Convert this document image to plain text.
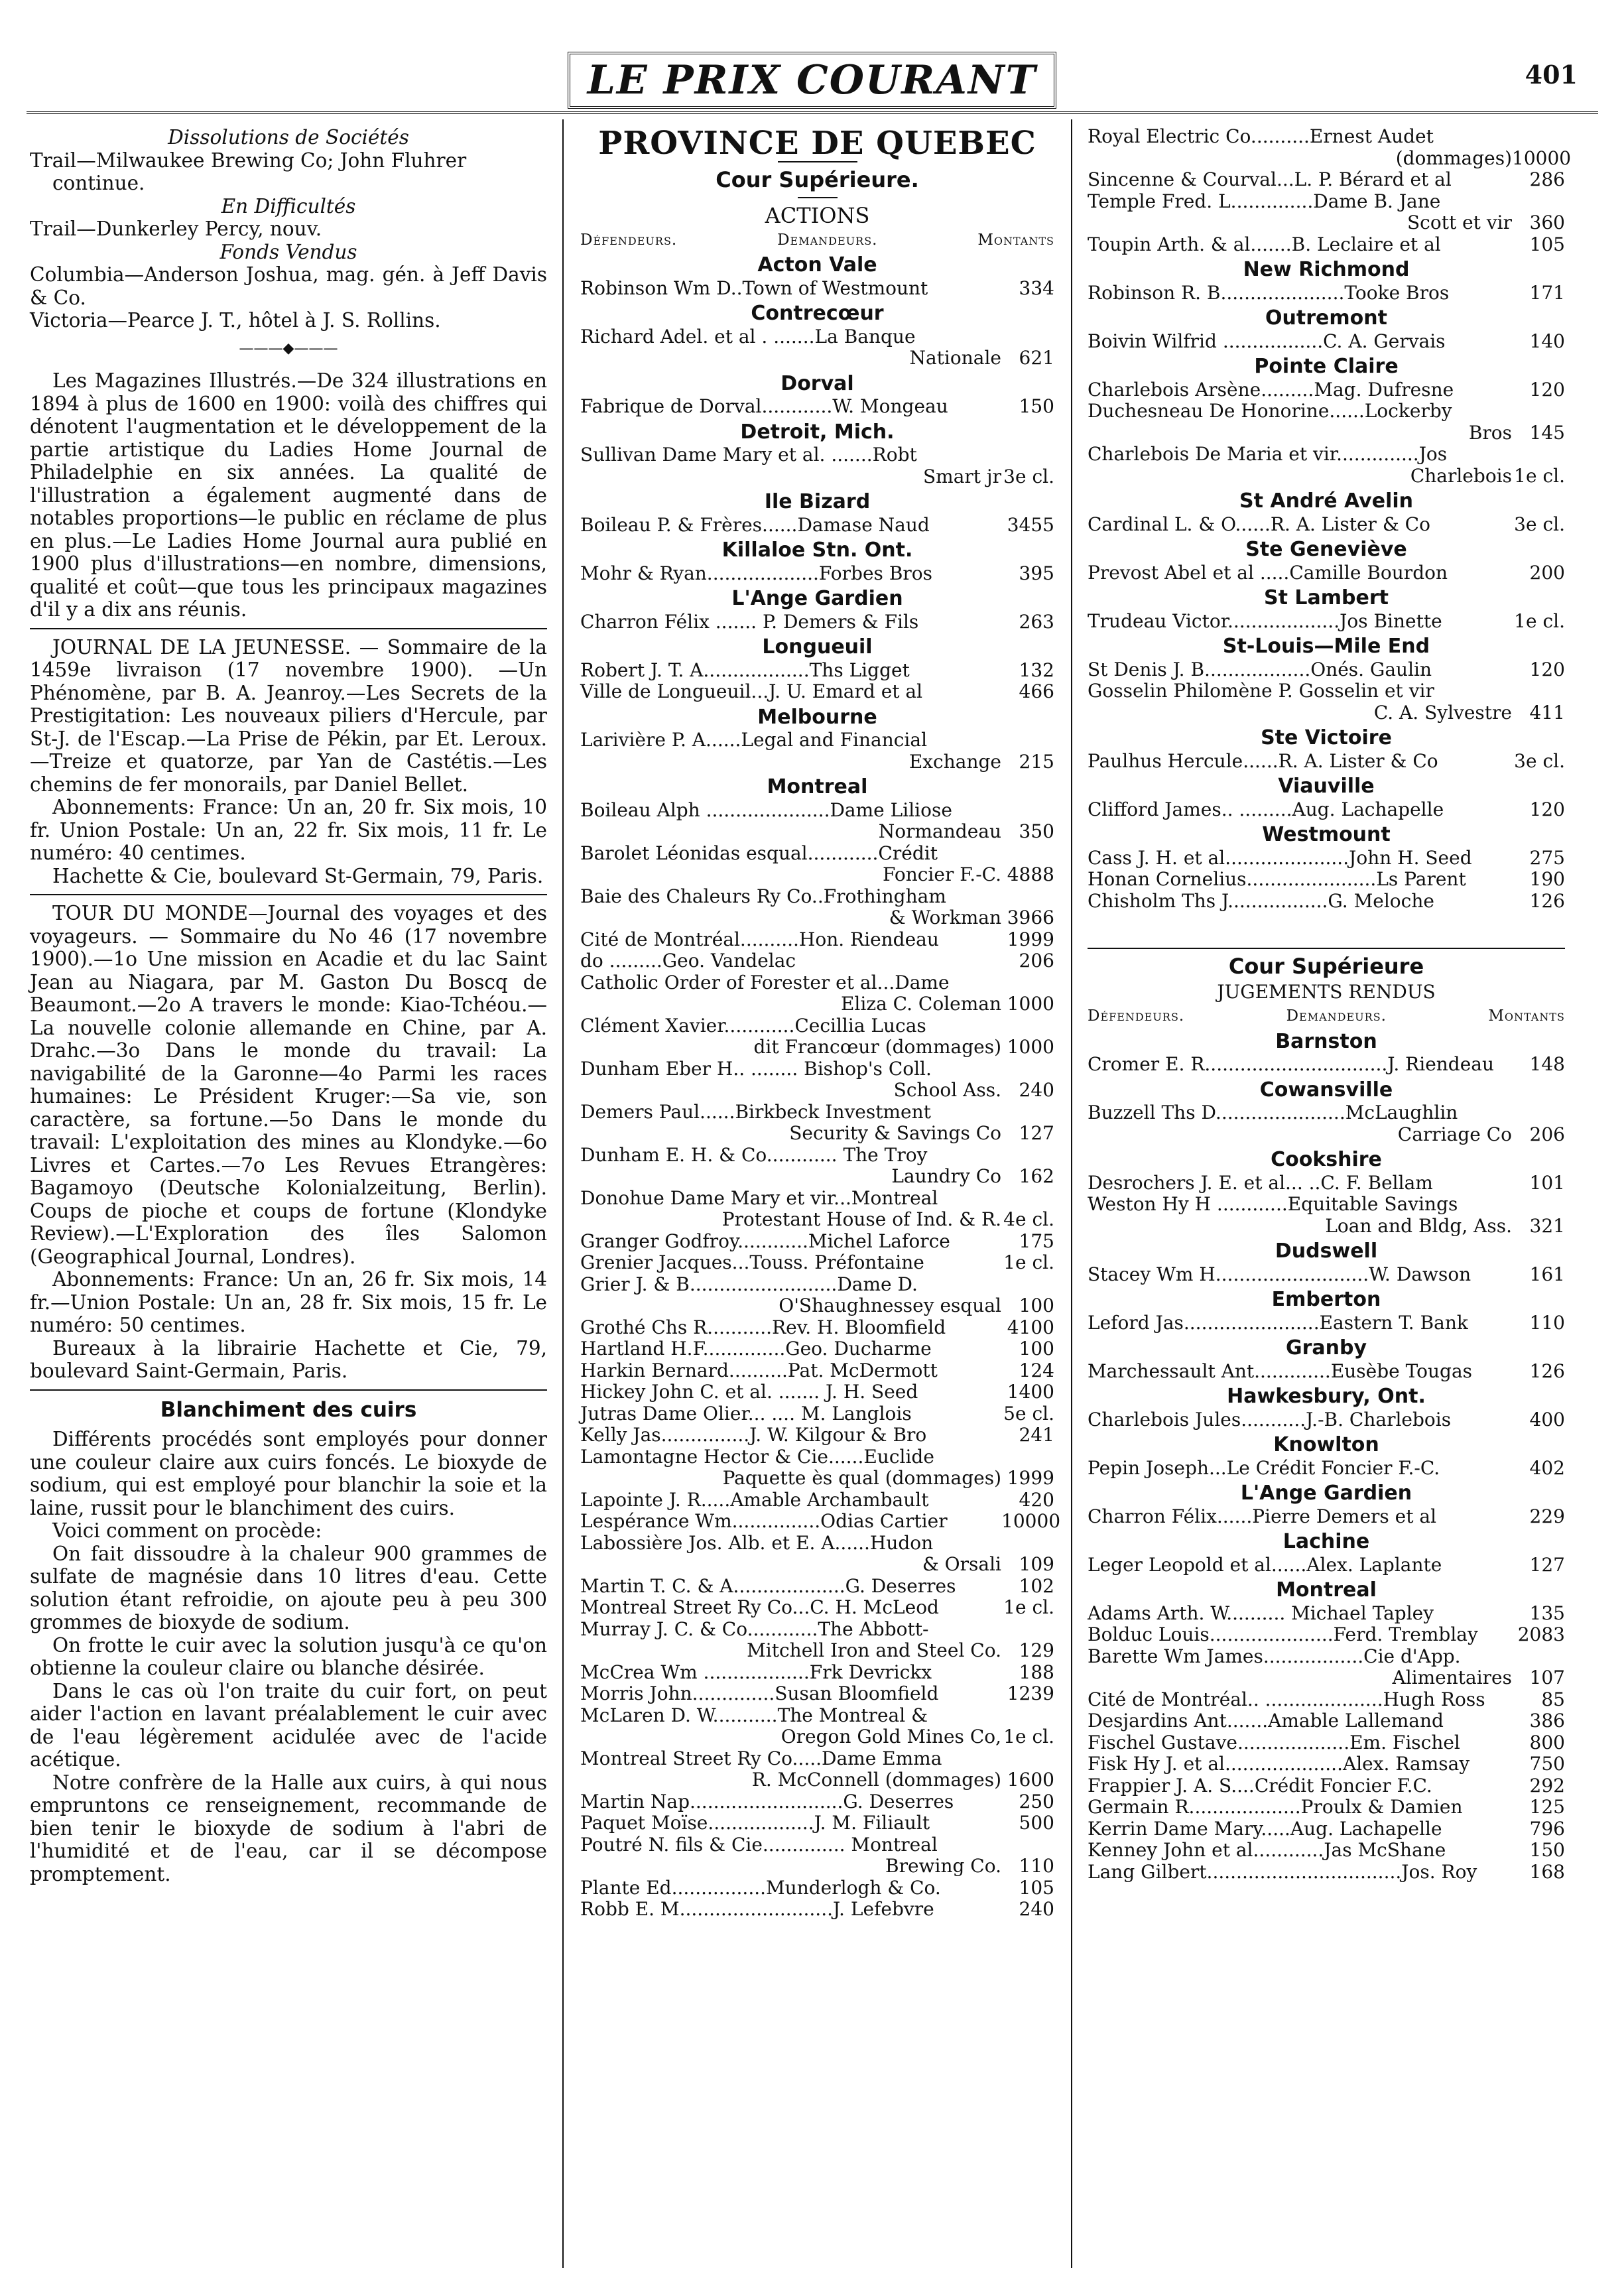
LE PRIX COURANT	401

Dissolutions de Sociétés

Trail—Milwaukee Brewing Co; John Fluhrer

continue.

En Difficultés

Trail—Dunkerley Percy, nouv.

Fonds Vendus

Columbia—Anderson Joshua, mag. gén. à Jeff Davis & Co.

Victoria—Pearce J. T., hôtel à J. S. Rollins.

———◆———

Les Magazines Illustrés.—De 324 illustrations en 1894 à plus de 1600 en 1900: voilà des chiffres qui dénotent l'augmentation et le développement de la partie artistique du Ladies Home Journal de Philadelphie en six années. La qualité de l'illustration a également augmenté dans de notables proportions—le public en réclame de plus en plus.—Le Ladies Home Journal aura publié en 1900 plus d'illustrations—en nombre, dimensions, qualité et coût—que tous les principaux magazines d'il y a dix ans réunis.

JOURNAL DE LA JEUNESSE. — Sommaire de la 1459e livraison (17 novembre 1900). —Un Phénomène, par B. A. Jeanroy.—Les Secrets de la Prestigitation: Les nouveaux piliers d'Hercule, par St-J. de l'Escap.—La Prise de Pékin, par Et. Leroux.—Treize et quatorze, par Yan de Castétis.—Les chemins de fer monorails, par Daniel Bellet.

Abonnements: France: Un an, 20 fr. Six mois, 10 fr. Union Postale: Un an, 22 fr. Six mois, 11 fr. Le numéro: 40 centimes.

Hachette & Cie, boulevard St-Germain, 79, Paris.

TOUR DU MONDE—Journal des voyages et des voyageurs. — Sommaire du No 46 (17 novembre 1900).—1o Une mission en Acadie et du lac Saint Jean au Niagara, par M. Gaston Du Boscq de Beaumont.—2o A travers le monde: Kiao-Tchéou.—La nouvelle colonie allemande en Chine, par A. Drahc.—3o Dans le monde du travail: La navigabilité de la Garonne—4o Parmi les races humaines: Le Président Kruger:—Sa vie, son caractère, sa fortune.—5o Dans le monde du travail: L'exploitation des mines au Klondyke.—6o Livres et Cartes.—7o Les Revues Etrangères: Bagamoyo (Deutsche Kolonialzeitung, Berlin). Coups de pioche et coups de fortune (Klondyke Review).—L'Exploration des îles Salomon (Geographical Journal, Londres).

Abonnements: France: Un an, 26 fr. Six mois, 14 fr.—Union Postale: Un an, 28 fr. Six mois, 15 fr. Le numéro: 50 centimes.

Bureaux à la librairie Hachette et Cie, 79, boulevard Saint-Germain, Paris.

Blanchiment des cuirs

Différents procédés sont employés pour donner une couleur claire aux cuirs foncés. Le bioxyde de sodium, qui est employé pour blanchir la soie et la laine, russit pour le blanchiment des cuirs.

Voici comment on procède:

On fait dissoudre à la chaleur 900 grammes de sulfate de magnésie dans 10 litres d'eau. Cette solution étant refroidie, on ajoute peu à peu 300 grommes de bioxyde de sodium.

On frotte le cuir avec la solution jusqu'à ce qu'on obtienne la couleur claire ou blanche désirée.

Dans le cas où l'on traite du cuir fort, on peut aider l'action en lavant préalablement le cuir avec de l'eau légèrement acidulée avec de l'acide acétique.

Notre confrère de la Halle aux cuirs, à qui nous empruntons ce renseignement, recommande de bien tenir le bioxyde de sodium à l'abri de l'humidité et de l'eau, car il se décompose promptement.

PROVINCE DE QUEBEC
Cour Supérieure.
ACTIONS
Défendeurs.	Demandeurs.	Montants
Acton Vale
Robinson Wm D..Town of Westmount	334
Contrecœur
Richard Adel. et al . .......La Banque
Nationale 621
Dorval
Fabrique de Dorval............W. Mongeau	150
Detroit, Mich.
Sullivan Dame Mary et al. .......Robt
Smart jr 3e cl.
Ile Bizard
Boileau P. & Frères......Damase Naud	3455
Killaloe Stn. Ont.
Mohr & Ryan...................Forbes Bros	395
L'Ange Gardien
Charron Félix ....... P. Demers & Fils	263
Longueuil
Robert J. T. A..................Ths Ligget	132
Ville de Longueuil...J. U. Emard et al	466
Melbourne
Larivière P. A......Legal and Financial
Exchange 215
Montreal
Boileau Alph .....................Dame Liliose
Normandeau 350
Barolet Léonidas esqual............Crédit
Foncier F.-C. 4888
Baie des Chaleurs Ry Co..Frothingham
& Workman 3966
Cité de Montréal..........Hon. Riendeau	1999
do .........Geo. Vandelac	206
Catholic Order of Forester et al...Dame
Eliza C. Coleman 1000
Clément Xavier............Cecillia Lucas
dit Francœur (dommages) 1000
Dunham Eber H.. ........ Bishop's Coll.
School Ass. 240
Demers Paul......Birkbeck Investment
Security & Savings Co 127
Dunham E. H. & Co............ The Troy
Laundry Co 162
Donohue Dame Mary et vir...Montreal
Protestant House of Ind. & R. 4e cl.
Granger Godfroy............Michel Laforce	175
Grenier Jacques...Touss. Préfontaine	1e cl.
Grier J. & B.........................Dame D.
O'Shaughnessey esqual 100
Grothé Chs R...........Rev. H. Bloomfield	4100
Hartland H.F..............Geo. Ducharme	100
Harkin Bernard..........Pat. McDermott	124
Hickey John C. et al. ....... J. H. Seed	1400
Jutras Dame Olier... .... M. Langlois	5e cl.
Kelly Jas...............J. W. Kilgour & Bro	241
Lamontagne Hector & Cie......Euclide
Paquette ès qual (dommages) 1999
Lapointe J. R.....Amable Archambault	420
Lespérance Wm...............Odias Cartier	10000
Labossière Jos. Alb. et E. A......Hudon
& Orsali 109
Martin T. C. & A...................G. Deserres	102
Montreal Street Ry Co...C. H. McLeod	1e cl.
Murray J. C. & Co............The Abbott-
Mitchell Iron and Steel Co. 129
McCrea Wm ..................Frk Devrickx	188
Morris John..............Susan Bloomfield	1239
McLaren D. W...........The Montreal &
Oregon Gold Mines Co, 1e cl.
Montreal Street Ry Co.....Dame Emma
R. McConnell (dommages) 1600
Martin Nap..........................G. Deserres	250
Paquet Moïse..................J. M. Filiault	500
Poutré N. fils & Cie.............. Montreal
Brewing Co. 110
Plante Ed................Munderlogh & Co.	105
Robb E. M..........................J. Lefebvre	240
Royal Electric Co..........Ernest Audet
(dommages) 10000
Sincenne & Courval...L. P. Bérard et al	286
Temple Fred. L..............Dame B. Jane
Scott et vir 360
Toupin Arth. & al.......B. Leclaire et al	105
New Richmond
Robinson R. B.....................Tooke Bros	171
Outremont
Boivin Wilfrid .................C. A. Gervais	140
Pointe Claire
Charlebois Arsène.........Mag. Dufresne	120
Duchesneau De Honorine......Lockerby
Bros 145
Charlebois De Maria et vir..............Jos
Charlebois 1e cl.
St André Avelin
Cardinal L. & O......R. A. Lister & Co	3e cl.
Ste Geneviève
Prevost Abel et al .....Camille Bourdon	200
St Lambert
Trudeau Victor...................Jos Binette	1e cl.
St-Louis—Mile End
St Denis J. B..................Onés. Gaulin	120
Gosselin Philomène P. Gosselin et vir
C. A. Sylvestre 411
Ste Victoire
Paulhus Hercule......R. A. Lister & Co	3e cl.
Viauville
Clifford James.. .........Aug. Lachapelle	120
Westmount
Cass J. H. et al.....................John H. Seed	275
Honan Cornelius......................Ls Parent	190
Chisholm Ths J.................G. Meloche	126
Cour Supérieure
JUGEMENTS RENDUS
Défendeurs.	Demandeurs.	Montants
Barnston
Cromer E. R...............................J. Riendeau	148
Cowansville
Buzzell Ths D......................McLaughlin
Carriage Co 206
Cookshire
Desrochers J. E. et al... ..C. F. Bellam	101
Weston Hy H ............Equitable Savings
Loan and Bldg, Ass. 321
Dudswell
Stacey Wm H..........................W. Dawson	161
Emberton
Leford Jas.......................Eastern T. Bank	110
Granby
Marchessault Ant.............Eusèbe Tougas	126
Hawkesbury, Ont.
Charlebois Jules...........J.-B. Charlebois	400
Knowlton
Pepin Joseph...Le Crédit Foncier F.-C.	402
L'Ange Gardien
Charron Félix......Pierre Demers et al	229
Lachine
Leger Leopold et al......Alex. Laplante	127
Montreal
Adams Arth. W.......... Michael Tapley	135
Bolduc Louis.....................Ferd. Tremblay	2083
Barette Wm James.................Cie d'App.
Alimentaires 107
Cité de Montréal.. ....................Hugh Ross	85
Desjardins Ant.......Amable Lallemand	386
Fischel Gustave...................Em. Fischel	800
Fisk Hy J. et al....................Alex. Ramsay	750
Frappier J. A. S....Crédit Foncier F.C.	292
Germain R...................Proulx & Damien	125
Kerrin Dame Mary.....Aug. Lachapelle	796
Kenney John et al............Jas McShane	150
Lang Gilbert.................................Jos. Roy	168
